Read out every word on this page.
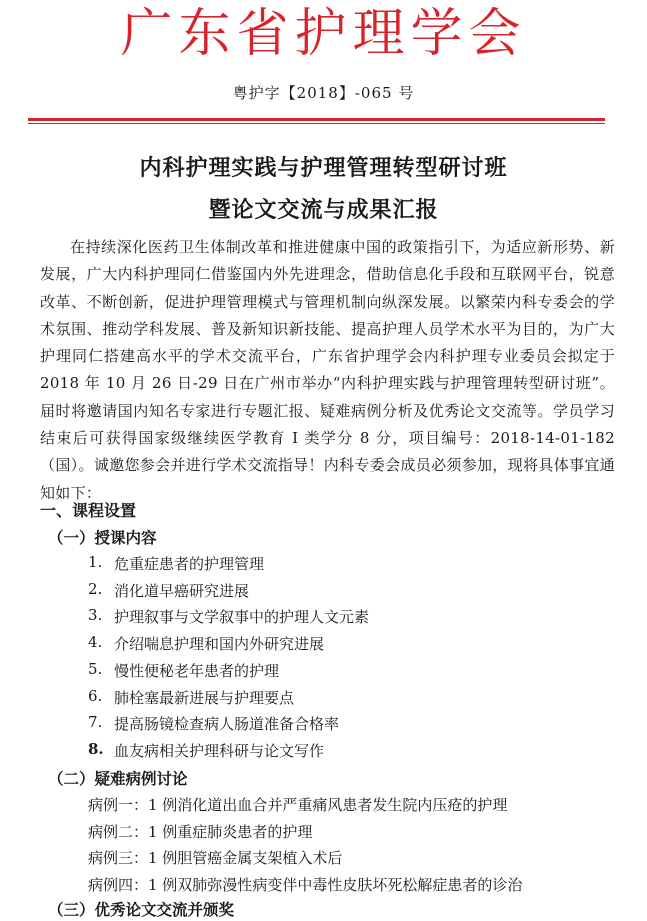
广东省护理学会
粤护字【2018】-065 号
内科护理实践与护理管理转型研讨班
暨论文交流与成果汇报

在持续深化医药卫生体制改革和推进健康中国的政策指引下，为适应新形势、新发展，广大内科护理同仁借鉴国内外先进理念，借助信息化手段和互联网平台，锐意改革、不断创新，促进护理管理模式与管理机制向纵深发展。以繁荣内科专委会的学术氛围、推动学科发展、普及新知识新技能、提高护理人员学术水平为目的，为广大护理同仁搭建高水平的学术交流平台，广东省护理学会内科护理专业委员会拟定于 2018 年 10 月 26 日-29 日在广州市举办“内科护理实践与护理管理转型研讨班”。届时将邀请国内知名专家进行专题汇报、疑难病例分析及优秀论文交流等。学员学习结束后可获得国家级继续医学教育 I 类学分 8 分，项目编号：2018-14-01-182（国）。诚邀您参会并进行学术交流指导！内科专委会成员必须参加，现将具体事宜通知如下：

一、课程设置
（一）授课内容
1. 危重症患者的护理管理
2. 消化道早癌研究进展
3. 护理叙事与文学叙事中的护理人文元素
4. 介绍喘息护理和国内外研究进展
5. 慢性便秘老年患者的护理
6. 肺栓塞最新进展与护理要点
7. 提高肠镜检查病人肠道准备合格率
8. 血友病相关护理科研与论文写作
（二）疑难病例讨论
病例一：1 例消化道出血合并严重痛风患者发生院内压疮的护理
病例二：1 例重症肺炎患者的护理
病例三：1 例胆管癌金属支架植入术后
病例四：1 例双肺弥漫性病变伴中毒性皮肤坏死松解症患者的诊治
（三）优秀论文交流并颁奖
